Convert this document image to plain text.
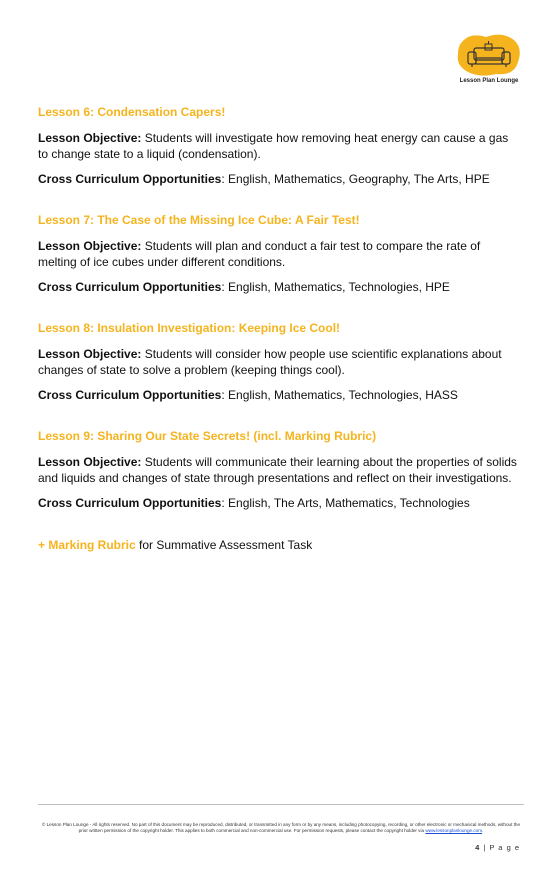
Lesson Plan Lounge
Lesson 6: Condensation Capers!
Lesson Objective: Students will investigate how removing heat energy can cause a gas to change state to a liquid (condensation).
Cross Curriculum Opportunities: English, Mathematics, Geography, The Arts, HPE
Lesson 7: The Case of the Missing Ice Cube: A Fair Test!
Lesson Objective: Students will plan and conduct a fair test to compare the rate of melting of ice cubes under different conditions.
Cross Curriculum Opportunities: English, Mathematics, Technologies, HPE
Lesson 8: Insulation Investigation: Keeping Ice Cool!
Lesson Objective: Students will consider how people use scientific explanations about changes of state to solve a problem (keeping things cool).
Cross Curriculum Opportunities: English, Mathematics, Technologies, HASS
Lesson 9: Sharing Our State Secrets! (incl. Marking Rubric)
Lesson Objective: Students will communicate their learning about the properties of solids and liquids and changes of state through presentations and reflect on their investigations.
Cross Curriculum Opportunities: English, The Arts, Mathematics, Technologies
+ Marking Rubric for Summative Assessment Task
© Lesson Plan Lounge - All rights reserved. No part of this document may be reproduced, distributed, or transmitted in any form or by any means, including photocopying, recording, or other electronic or mechanical methods, without the prior written permission of the copyright holder. This applies to both commercial and non-commercial use. For permission requests, please contact the copyright holder via www.lessonplanlounge.com.
4 | P a g e
